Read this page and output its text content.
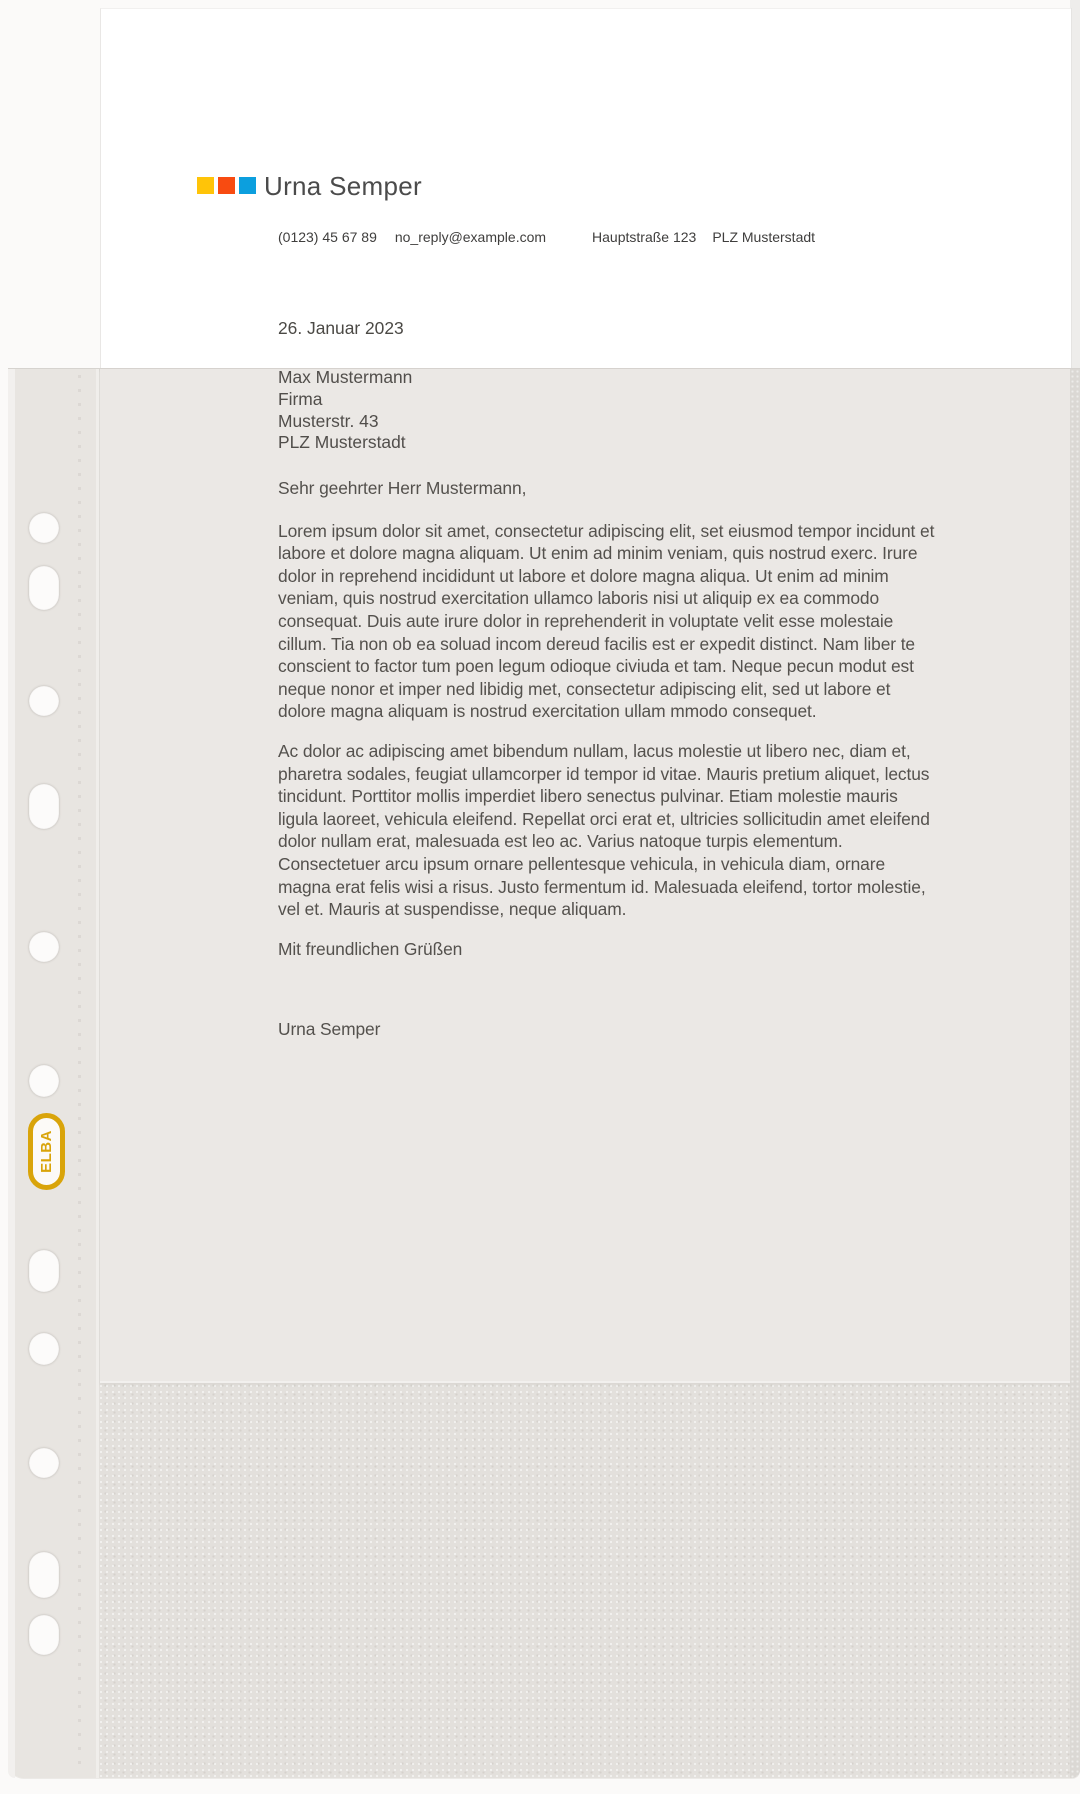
ELBA
Urna Semper
(0123) 45 67 89 no_reply@example.com	Hauptstraße 123 PLZ Musterstadt
26. Januar 2023
Max Mustermann
Firma
Musterstr. 43
PLZ Musterstadt
Sehr geehrter Herr Mustermann,

Lorem ipsum dolor sit amet, consectetur adipiscing elit, set eiusmod tempor incidunt et labore et dolore magna aliquam. Ut enim ad minim veniam, quis nostrud exerc. Irure dolor in reprehend incididunt ut labore et dolore magna aliqua. Ut enim ad minim veniam, quis nostrud exercitation ullamco laboris nisi ut aliquip ex ea commodo consequat. Duis aute irure dolor in reprehenderit in voluptate velit esse molestaie cillum. Tia non ob ea soluad incom dereud facilis est er expedit distinct. Nam liber te conscient to factor tum poen legum odioque civiuda et tam. Neque pecun modut est neque nonor et imper ned libidig met, consectetur adipiscing elit, sed ut labore et dolore magna aliquam is nostrud exercitation ullam mmodo consequet.

Ac dolor ac adipiscing amet bibendum nullam, lacus molestie ut libero nec, diam et, pharetra sodales, feugiat ullamcorper id tempor id vitae. Mauris pretium aliquet, lectus tincidunt. Porttitor mollis imperdiet libero senectus pulvinar. Etiam molestie mauris ligula laoreet, vehicula eleifend. Repellat orci erat et, ultricies sollicitudin amet eleifend dolor nullam erat, malesuada est leo ac. Varius natoque turpis elementum. Consectetuer arcu ipsum ornare pellentesque vehicula, in vehicula diam, ornare magna erat felis wisi a risus. Justo fermentum id. Malesuada eleifend, tortor molestie, vel et. Mauris at suspendisse, neque aliquam.

Mit freundlichen Grüßen
Urna Semper
